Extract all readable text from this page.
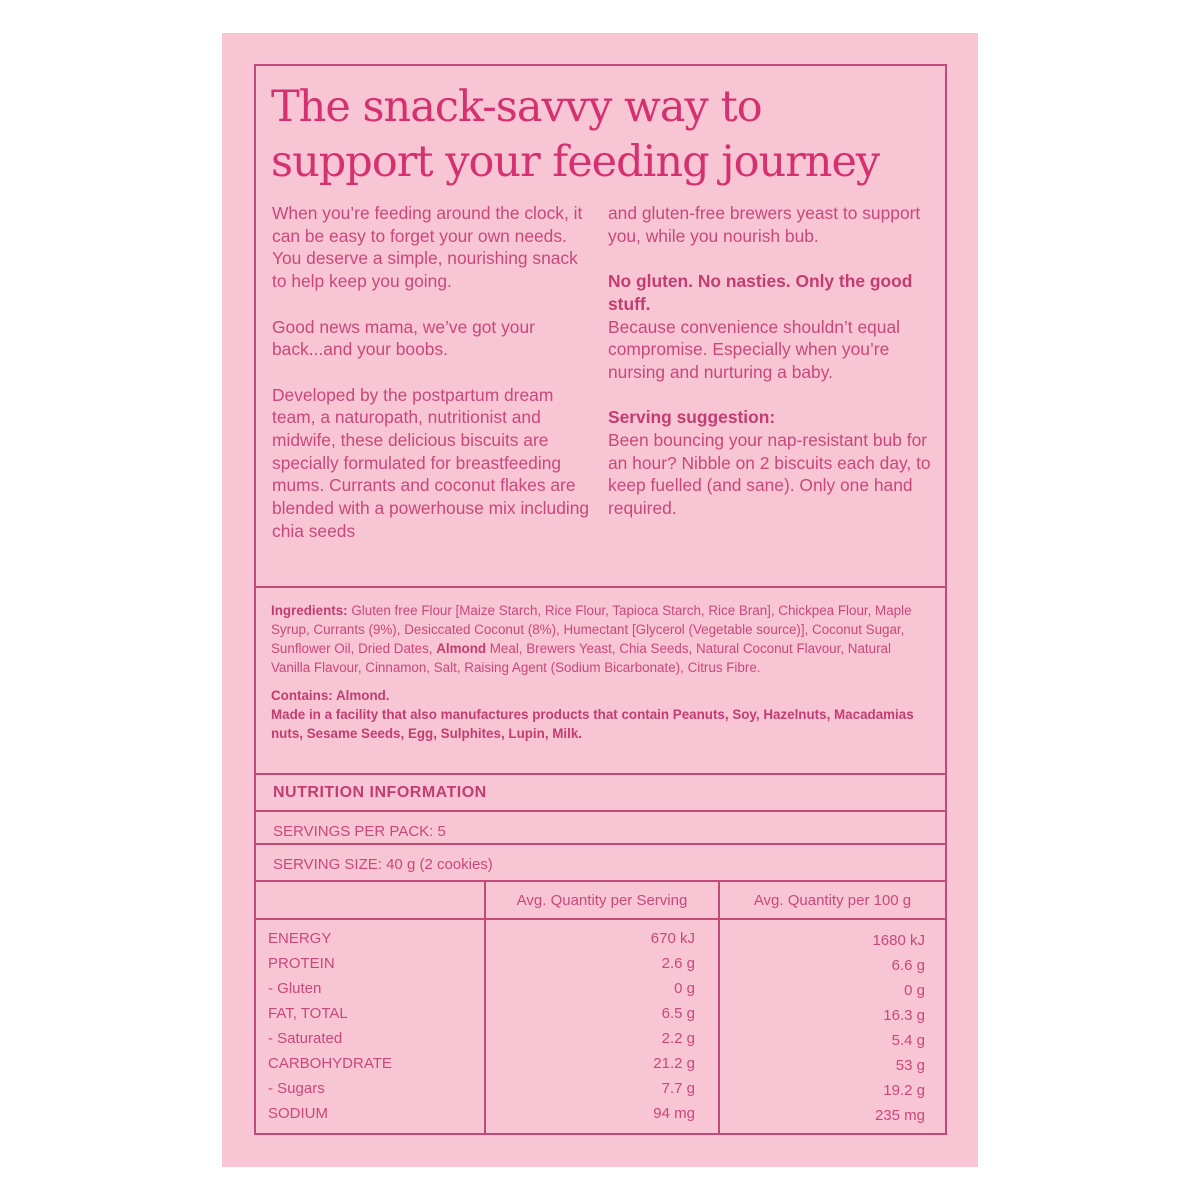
The snack-savvy way to
support your feeding journey

When you’re feeding around the clock, it can be easy to forget your own needs. You deserve a simple, nourishing snack to help keep you going.

Good news mama, we’ve got your back...and your boobs.

Developed by the postpartum dream team, a naturopath, nutritionist and midwife, these delicious biscuits are specially formulated for breastfeeding mums. Currants and coconut flakes are blended with a powerhouse mix including chia seeds

and gluten-free brewers yeast to support you, while you nourish bub.

No gluten. No nasties. Only the good stuff.
Because convenience shouldn’t equal compromise. Especially when you’re nursing and nurturing a baby.

Serving suggestion:
Been bouncing your nap-resistant bub for an hour? Nibble on 2 biscuits each day, to keep fuelled (and sane). Only one hand required.

Ingredients: Gluten free Flour [Maize Starch, Rice Flour, Tapioca Starch, Rice Bran], Chickpea Flour, Maple Syrup, Currants (9%), Desiccated Coconut (8%), Humectant [Glycerol (Vegetable source)], Coconut Sugar, Sunflower Oil, Dried Dates, Almond Meal, Brewers Yeast, Chia Seeds, Natural Coconut Flavour, Natural Vanilla Flavour, Cinnamon, Salt, Raising Agent (Sodium Bicarbonate), Citrus Fibre.

Contains: Almond.
Made in a facility that also manufactures products that contain Peanuts, Soy, Hazelnuts, Macadamias nuts, Sesame Seeds, Egg, Sulphites, Lupin, Milk.

NUTRITION INFORMATION
SERVINGS PER PACK: 5
SERVING SIZE: 40 g (2 cookies)
Avg. Quantity per Serving	Avg. Quantity per 100 g
ENERGY	670 kJ	1680 kJ
PROTEIN	2.6 g	6.6 g
- Gluten	0 g	0 g
FAT, TOTAL	6.5 g	16.3 g
- Saturated	2.2 g	5.4 g
CARBOHYDRATE	21.2 g	53 g
- Sugars	7.7 g	19.2 g
SODIUM	94 mg	235 mg
